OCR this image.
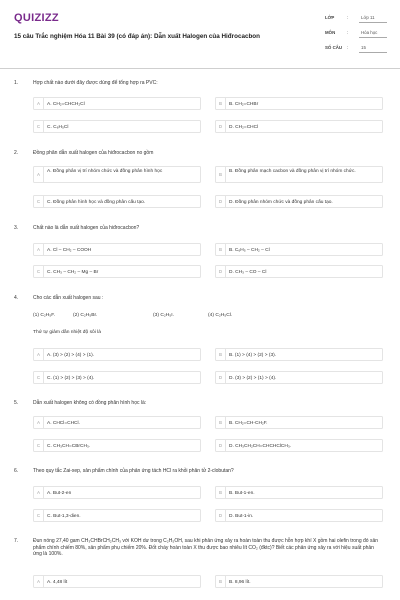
QUIZIZZ
15 câu Trắc nghiệm Hóa 11 Bài 39 (có đáp án): Dẫn xuất Halogen của Hiđrocacbon
LỚP	:	Lớp 11
MÔN	:	Hóa học
SỐ CÂU :	15
1.	Hợp chất nào dưới đây được dùng để tổng hợp ra PVC:
A	A. CH₂=CHCH₂Cl	B	B. CH₂=CHBr
C	C. C₆H₅Cl	D	D. CH₂=CHCl
2.	Đồng phân dẫn xuất halogen của hiđrocacbon no gồm
A
A. Đồng phân vị trí nhóm chức và đồng phân hình học
B
B. Đồng phân mạch cacbon và đồng phân vị trí nhóm chức.
C	C. Đồng phân hình học và đồng phân cấu tạo.	D	D. Đồng phân nhóm chức và đồng phân cấu tạo.
3.	Chất nào là dẫn xuất halogen của hiđrocacbon?
A	A. Cl – CH₂ – COOH	B	B. C₆H₅ – CH₂ – Cl
C	C. CH₃ – CH₂ – Mg – Br	D	D. CH₃ – CO – Cl
4.	Cho các dẫn xuất halogen sau :
(1) C₂H₅F.	(2) C₂H₅Br.	(3) C₂H₅I.	(4) C₂H₅Cl.
Thứ tự giảm dần nhiệt độ sôi là
A	A. (3) > (2) > (4) > (1).	B	B. (1) > (4) > (2) > (3).
C	C. (1) > (2) > (3) > (4).	D	D. (3) > (2) > (1) > (4).
5.	Dẫn xuất halogen không có đồng phân hình học là:
A	A. CHCl=CHCl.	B	B. CH₂=CH-CH₂F.
C	C. CH₃CH=CBrCH₃.	D	D. CH₃CH₂CH=CHCHClCH₃.
6.	Theo quy tắc Zai-xep, sản phẩm chính của phản ứng tách HCl ra khỏi phân tử 2-clobutan?
A	A. But-2-en	B	B. But-1-en.
C	C. But-1,3-dien.	D	D. But-1-in.
7.	Đun nóng 27,40 gam CH₃CHBrCH₂CH₃ với KOH dư trong C₂H₅OH, sau khi phản ứng xảy ra hoàn toàn thu được hỗn hợp khí X gồm hai olefin trong đó sản phẩm chính chiếm 80%, sản phẩm phụ chiếm 20%. Đốt cháy hoàn toàn X thu được bao nhiêu lít CO₂ (đktc)? Biết các phản ứng xảy ra với hiệu suất phản ứng là 100%.
A	A. 4,48 lít	B	B. 8,96 lít.
